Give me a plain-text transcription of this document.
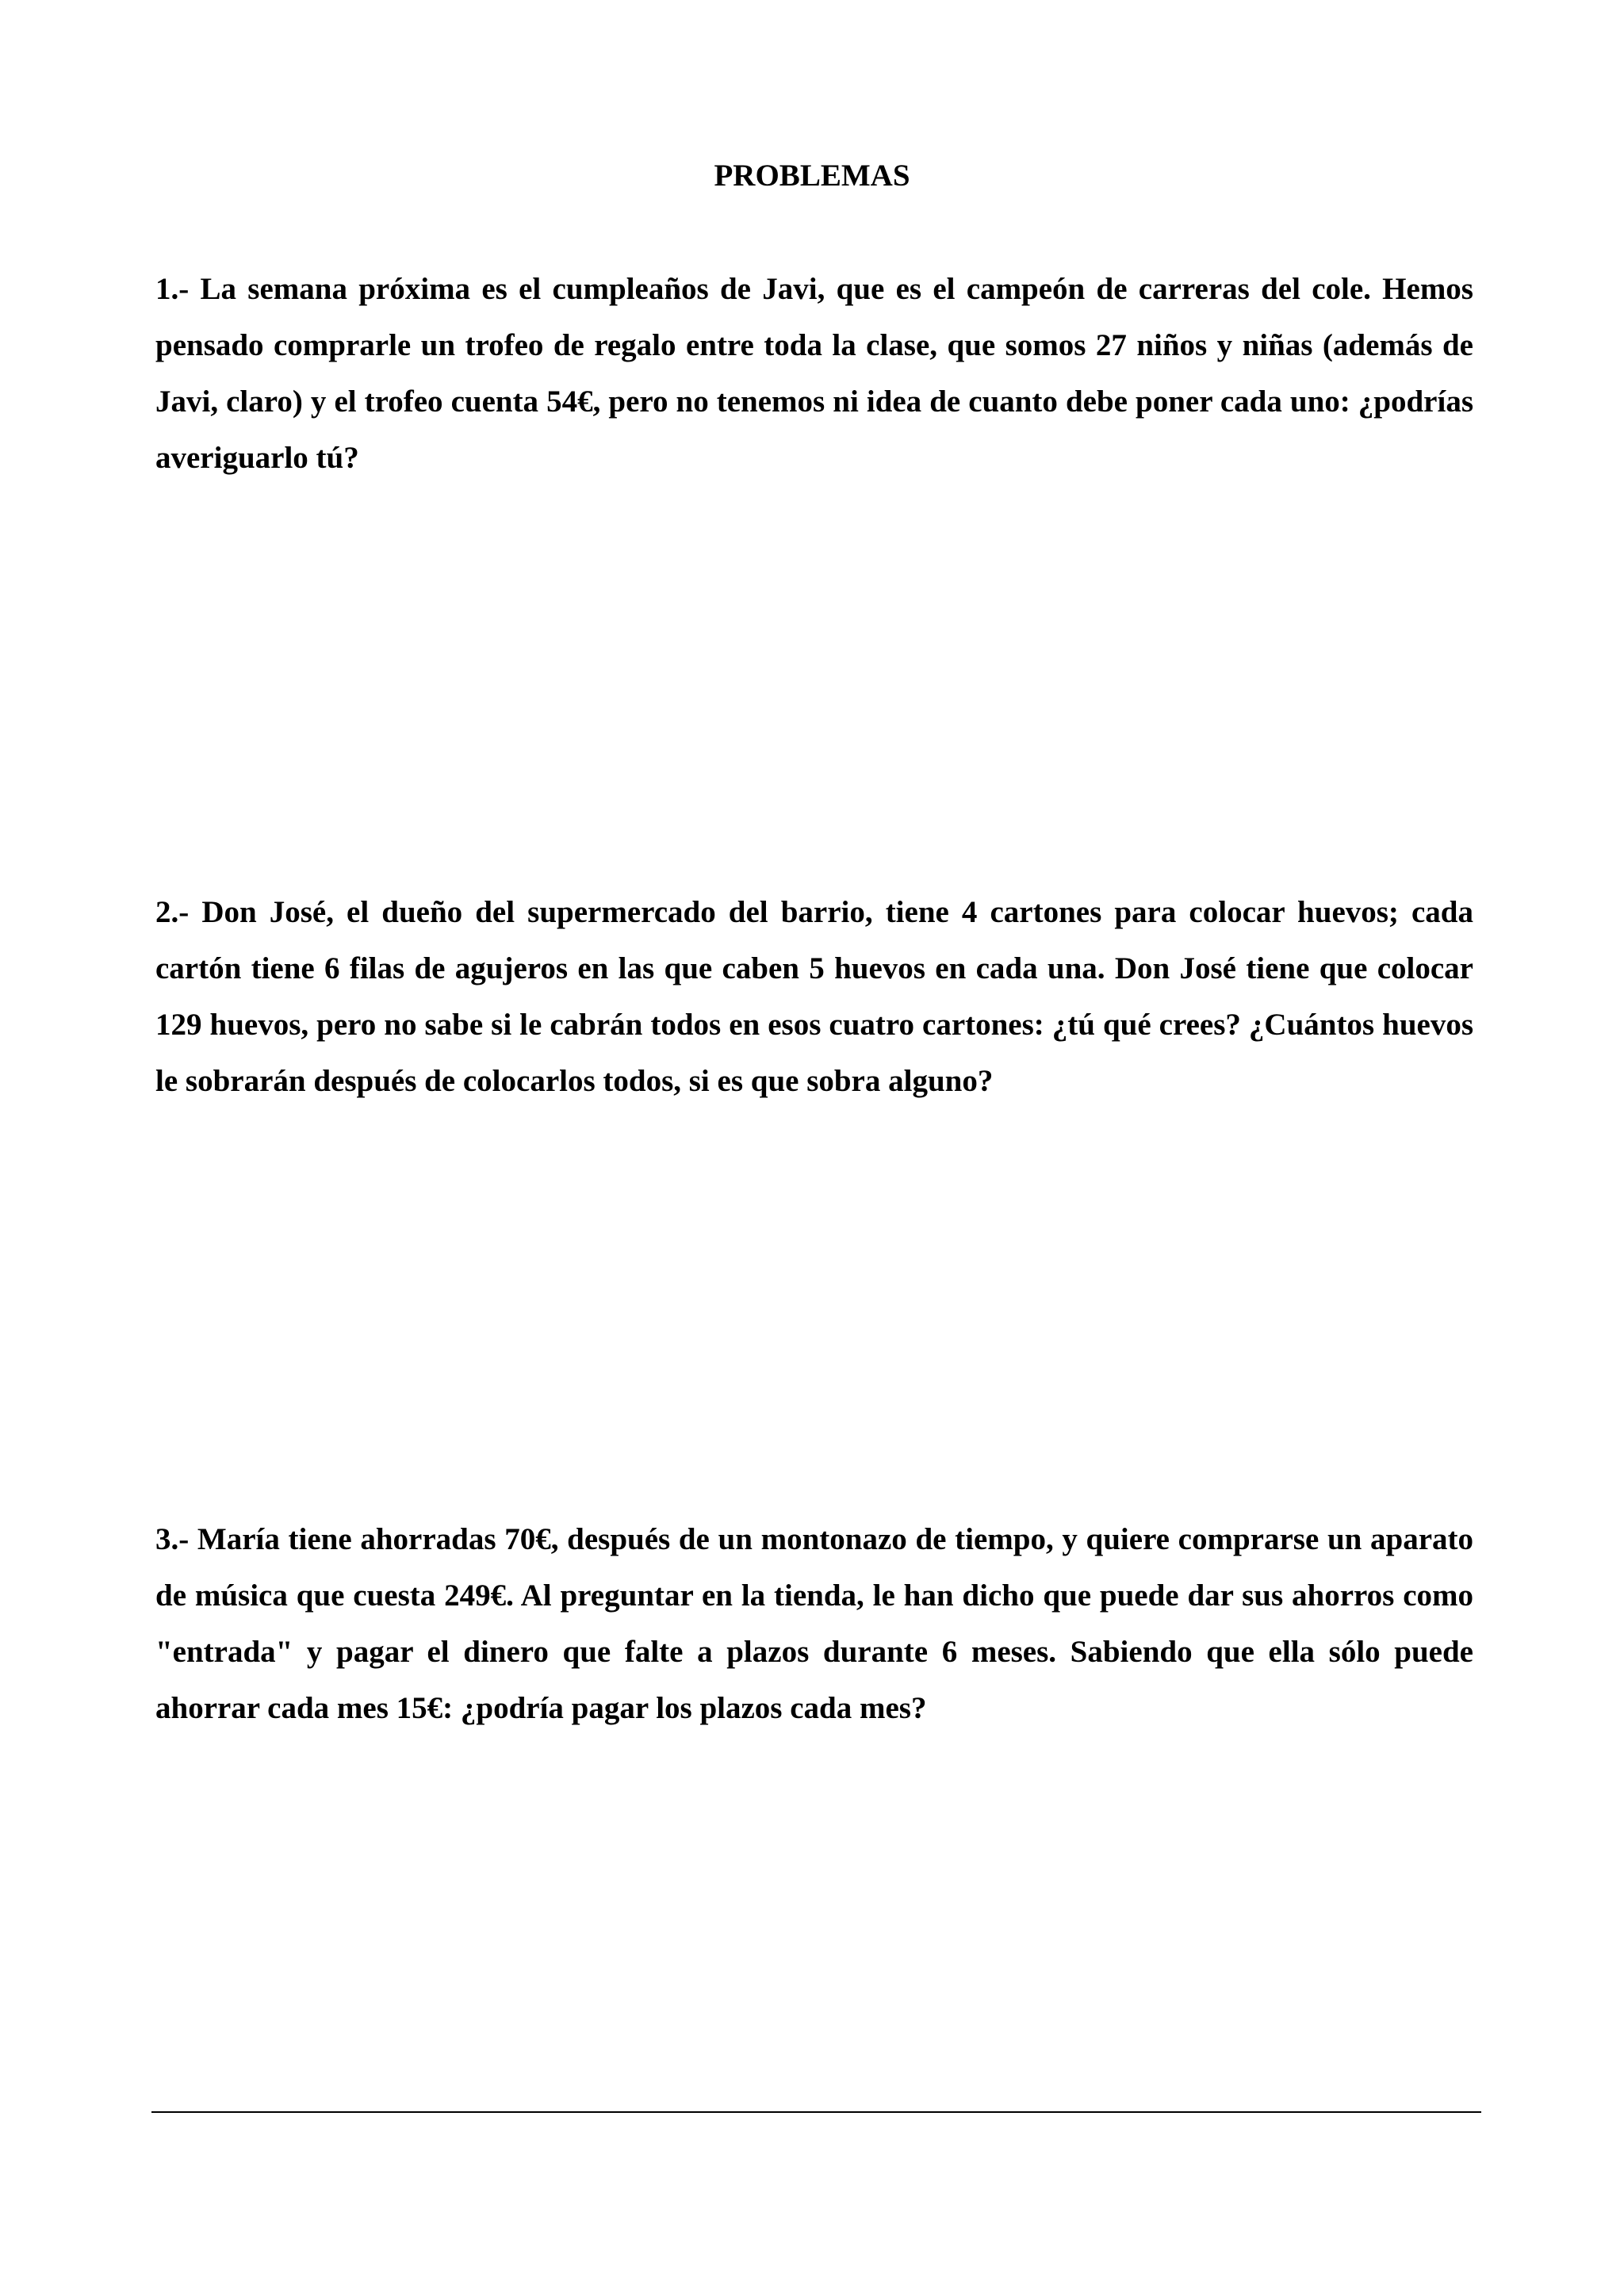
PROBLEMAS

1.- La semana próxima es el cumpleaños de Javi, que es el campeón de carreras del cole. Hemos pensado comprarle un trofeo de regalo entre toda la clase, que somos 27 niños y niñas (además de Javi, claro) y el trofeo cuenta 54€, pero no tenemos ni idea de cuanto debe poner cada uno: ¿podrías averiguarlo tú?

2.- Don José, el dueño del supermercado del barrio, tiene 4 cartones para colocar huevos; cada cartón tiene 6 filas de agujeros en las que caben 5 huevos en cada una. Don José tiene que colocar 129 huevos, pero no sabe si le cabrán todos en esos cuatro cartones: ¿tú qué crees? ¿Cuántos huevos le sobrarán después de colocarlos todos, si es que sobra alguno?

3.- María tiene ahorradas 70€, después de un montonazo de tiempo, y quiere comprarse un aparato de música que cuesta 249€. Al preguntar en la tienda, le han dicho que puede dar sus ahorros como "entrada" y pagar el dinero que falte a plazos durante 6 meses. Sabiendo que ella sólo puede ahorrar cada mes 15€: ¿podría pagar los plazos cada mes?
